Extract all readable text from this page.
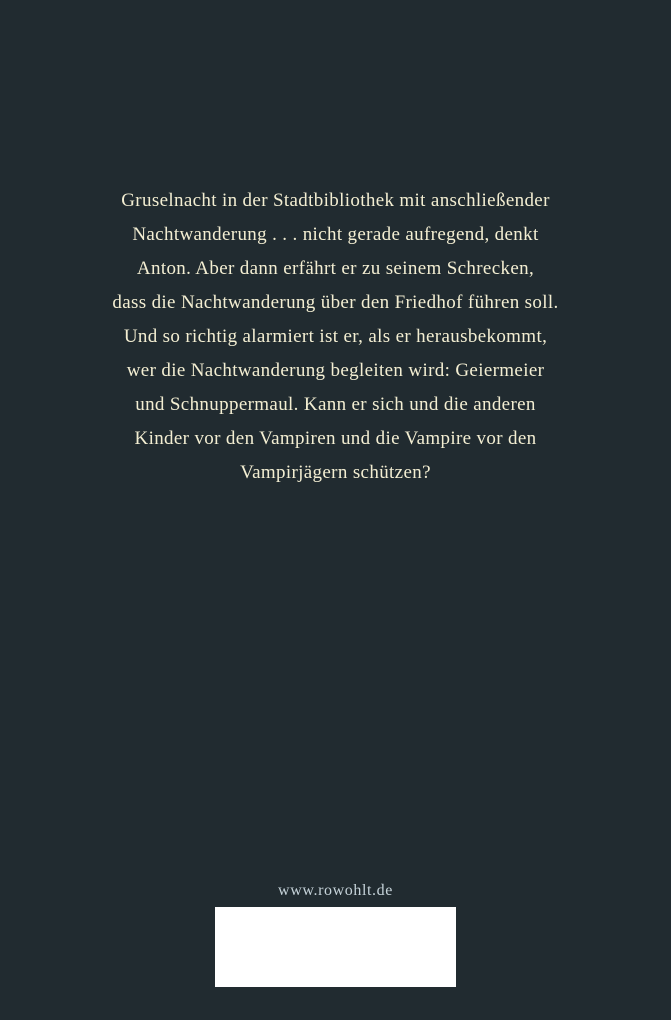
Gruselnacht in der Stadtbibliothek mit anschließender
Nachtwanderung . . . nicht gerade aufregend, denkt
Anton. Aber dann erfährt er zu seinem Schrecken,
dass die Nachtwanderung über den Friedhof führen soll.
Und so richtig alarmiert ist er, als er herausbekommt,
wer die Nachtwanderung begleiten wird: Geiermeier
und Schnuppermaul. Kann er sich und die anderen
Kinder vor den Vampiren und die Vampire vor den
Vampirjägern schützen?

www.rowohlt.de
